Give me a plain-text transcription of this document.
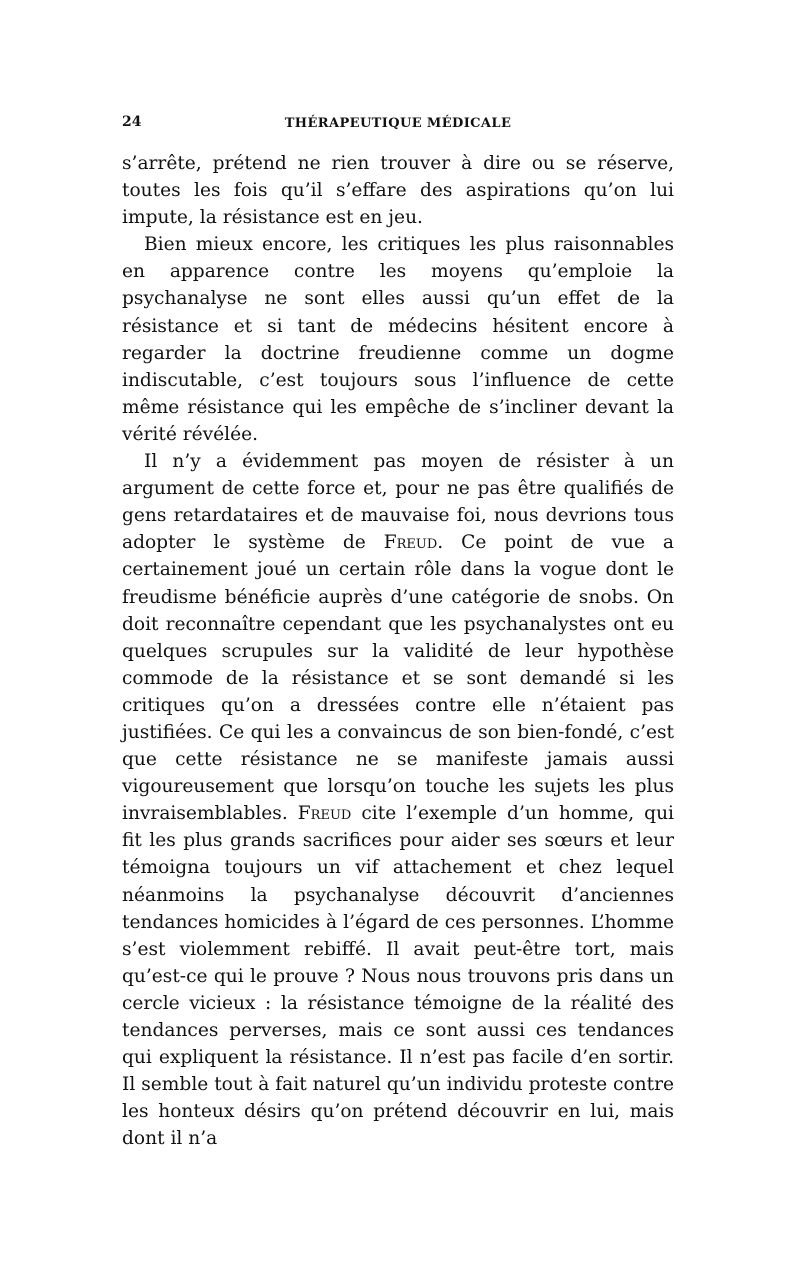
24	THÉRAPEUTIQUE MÉDICALE

s’arrête, prétend ne rien trouver à dire ou se réserve, toutes les fois qu’il s’effare des aspirations qu’on lui impute, la résistance est en jeu.

Bien mieux encore, les critiques les plus raisonnables en apparence contre les moyens qu’emploie la psychanalyse ne sont elles aussi qu’un effet de la résistance et si tant de médecins hésitent encore à regarder la doctrine freudienne comme un dogme indiscutable, c’est toujours sous l’influence de cette même résistance qui les empêche de s’incliner devant la vérité révélée.

Il n’y a évidemment pas moyen de résister à un argument de cette force et, pour ne pas être qualifiés de gens retardataires et de mauvaise foi, nous devrions tous adopter le système de Freud. Ce point de vue a certainement joué un certain rôle dans la vogue dont le freudisme bénéficie auprès d’une catégorie de snobs. On doit reconnaître cependant que les psychanalystes ont eu quelques scrupules sur la validité de leur hypothèse commode de la résistance et se sont demandé si les critiques qu’on a dressées contre elle n’étaient pas justifiées. Ce qui les a convaincus de son bien-fondé, c’est que cette résistance ne se manifeste jamais aussi vigoureusement que lorsqu’on touche les sujets les plus invraisemblables. Freud cite l’exemple d’un homme, qui fit les plus grands sacrifices pour aider ses sœurs et leur témoigna toujours un vif attachement et chez lequel néanmoins la psychanalyse découvrit d’anciennes tendances homicides à l’égard de ces personnes. L’homme s’est violemment rebiffé. Il avait peut-être tort, mais qu’est-ce qui le prouve ? Nous nous trouvons pris dans un cercle vicieux : la résistance témoigne de la réalité des tendances perverses, mais ce sont aussi ces tendances qui expliquent la résistance. Il n’est pas facile d’en sortir. Il semble tout à fait naturel qu’un individu proteste contre les honteux désirs qu’on prétend découvrir en lui, mais dont il n’a
